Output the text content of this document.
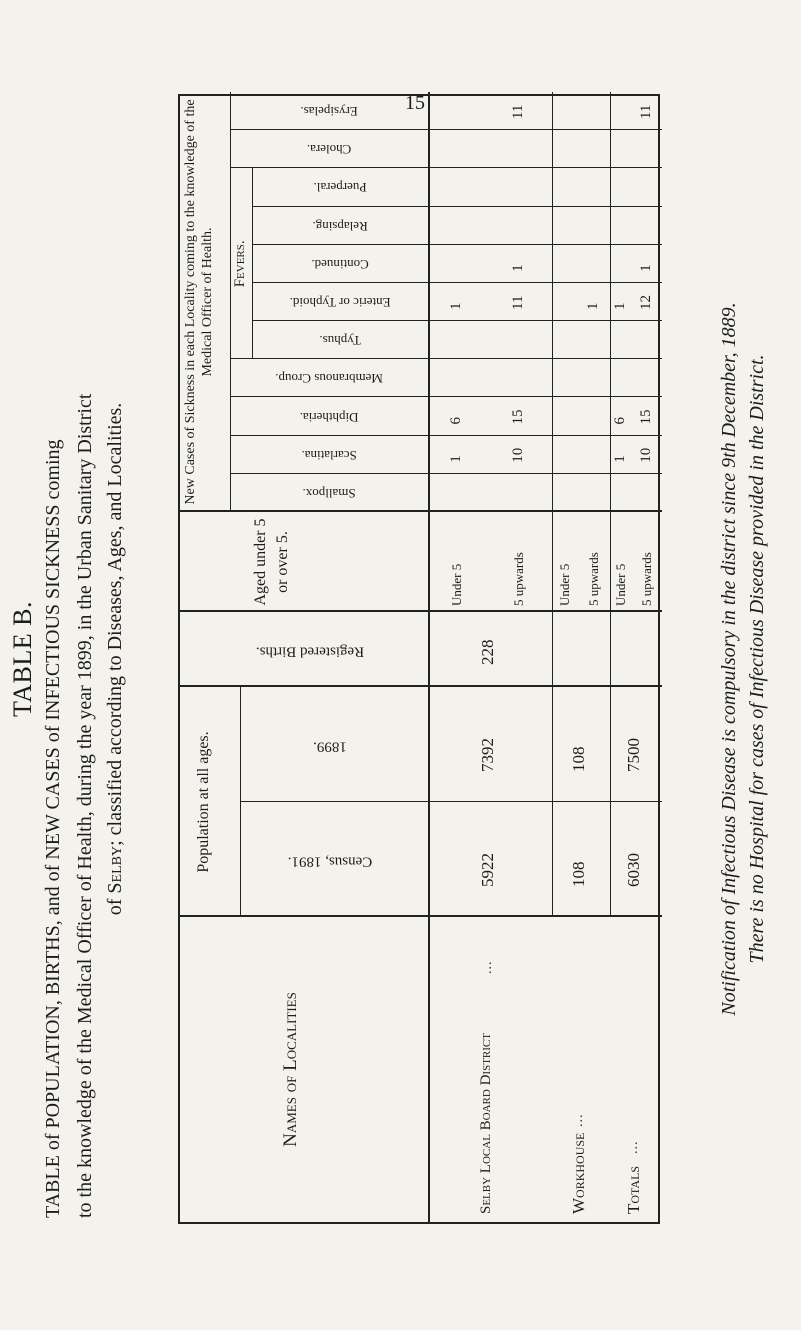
15
TABLE B. TABLE of POPULATION, BIRTHS, and of NEW CASES of INFECTIOUS SICKNESS coming to the knowledge of the Medical Officer of Health, during the year 1899, in the Urban Sanitary District of Selby; classified according to Diseases, Ages, and Localities.
Names of Localities
Population at all ages.	Census, 1891.
1899.
Registered Births.
Aged under 5 or over 5.
New Cases of Sickness in each Locality coming to the knowledge of the Medical Officer of Health. Fevers.
Smallpox.
Scarlatina.
Diphtheria.
Membranous Croup.
Typhus.
Enteric or Typhoid.
Continued.
Relapsing.
Puerperal.
Cholera.
Erysipelas.
Selby Local Board District
...
5922
7392
228
Under 5
1
6
1
5 upwards
10
15
11
1
11
Workhouse
...
108
108
Under 5 5 upwards
1
Totals
...
6030
7500
Under 5
1
6
1
5 upwards
10
15
12
1
11
Notification of Infectious Disease is compulsory in the district since 9th December, 1889. There is no Hospital for cases of Infectious Disease provided in the District.
